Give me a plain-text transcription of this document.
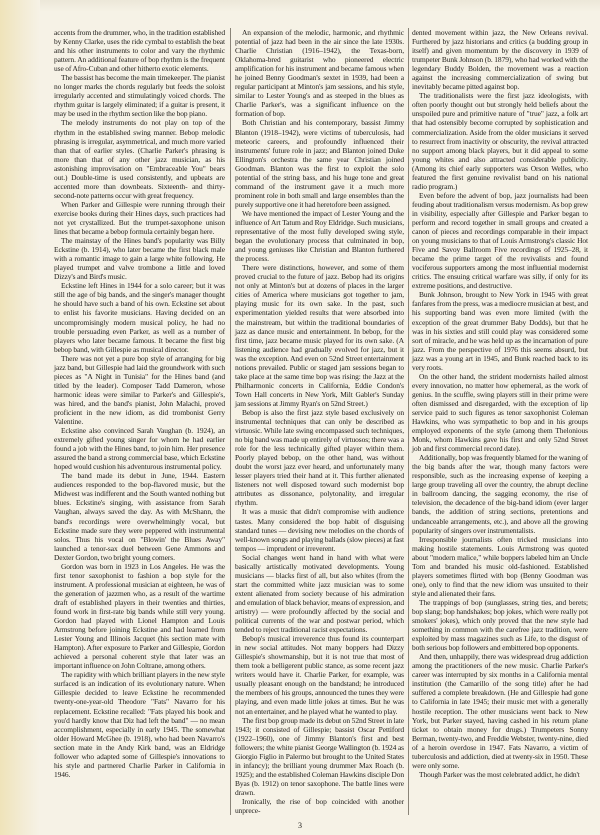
accents from the drummer, who, in the tradition established by Kenny Clarke, uses the ride cymbal to establish the beat and his other instruments to color and vary the rhythmic pattern. An additional feature of bop rhythm is the frequent use of Afro-Cuban and other hitherto exotic elements.

The bassist has become the main timekeeper. The pianist no longer marks the chords regularly but feeds the soloist irregularly accented and stimulatingly voiced chords. The rhythm guitar is largely eliminated; if a guitar is present, it may be used in the rhythm section like the bop piano.

The melody instruments do not play on top of the rhythm in the established swing manner. Bebop melodic phrasing is irregular, asymmetrical, and much more varied than that of earlier styles. (Charlie Parker's phrasing is more than that of any other jazz musician, as his astonishing improvisation on "Embraceable You" bears out.) Double-time is used consistently, and upbeats are accented more than downbeats. Sixteenth- and thirty-second-note patterns occur with great frequency.

When Parker and Gillespie were running through their exercise books during their Hines days, such practices had not yet crystallized. But the trumpet-saxophone unison lines that became a bebop formula certainly began here.

The mainstay of the Hines band's popularity was Billy Eckstine (b. 1914), who later became the first black male with a romantic image to gain a large white following. He played trumpet and valve trombone a little and loved Dizzy's and Bird's music.

Eckstine left Hines in 1944 for a solo career; but it was still the age of big bands, and the singer's manager thought he should have such a band of his own. Eckstine set about to enlist his favorite musicians. Having decided on an uncompromisingly modern musical policy, he had no trouble persuading even Parker, as well as a number of players who later became famous. It became the first big bebop band, with Gillespie as musical director.

There was not yet a pure bop style of arranging for big jazz band, but Gillespie had laid the groundwork with such pieces as "A Night in Tunisia" for the Hines band (and titled by the leader). Composer Tadd Dameron, whose harmonic ideas were similar to Parker's and Gillespie's, was hired, and the band's pianist, John Malachi, proved proficient in the new idiom, as did trombonist Gerry Valentine.

Eckstine also convinced Sarah Vaughan (b. 1924), an extremely gifted young singer for whom he had earlier found a job with the Hines band, to join him. Her presence assured the band a strong commercial base, which Eckstine hoped would cushion his adventurous instrumental policy.

The band made its debut in June, 1944. Eastern audiences responded to the bop-flavored music, but the Midwest was indifferent and the South wanted nothing but blues. Eckstine's singing, with assistance from Sarah Vaughan, always saved the day. As with McShann, the band's recordings were overwhelmingly vocal, but Eckstine made sure they were peppered with instrumental solos. Thus his vocal on "Blowin' the Blues Away" launched a tenor-sax duel between Gene Ammons and Dexter Gordon, two bright young comers.

Gordon was born in 1923 in Los Angeles. He was the first tenor saxophonist to fashion a bop style for the instrument. A professional musician at eighteen, he was of the generation of jazzmen who, as a result of the wartime draft of established players in their twenties and thirties, found work in first-rate big bands while still very young. Gordon had played with Lionel Hampton and Louis Armstrong before joining Eckstine and had learned from Lester Young and Illinois Jacquet (his section mate with Hampton). After exposure to Parker and Gillespie, Gordon achieved a personal coherent style that later was an important influence on John Coltrane, among others.

The rapidity with which brilliant players in the new style surfaced is an indication of its evolutionary nature. When Gillespie decided to leave Eckstine he recommended twenty-one-year-old Theodore "Fats" Navarro for his replacement. Eckstine recalled: "Fats played his book and you'd hardly know that Diz had left the band" — no mean accomplishment, especially in early 1945. The somewhat older Howard McGhee (b. 1918), who had been Navarro's section mate in the Andy Kirk band, was an Eldridge follower who adapted some of Gillespie's innovations to his style and partnered Charlie Parker in California in 1946.

An expansion of the melodic, harmonic, and rhythmic potential of jazz had been in the air since the late 1930s. Charlie Christian (1916–1942), the Texas-born, Oklahoma-bred guitarist who pioneered electric amplification for his instrument and became famous when he joined Benny Goodman's sextet in 1939, had been a regular participant at Minton's jam sessions, and his style, similar to Lester Young's and as steeped in the blues as Charlie Parker's, was a significant influence on the formation of bop.

Both Christian and his contemporary, bassist Jimmy Blanton (1918–1942), were victims of tuberculosis, had meteoric careers, and profoundly influenced their instruments' future role in jazz; and Blanton joined Duke Ellington's orchestra the same year Christian joined Goodman. Blanton was the first to exploit the solo potential of the string bass, and his huge tone and great command of the instrument gave it a much more prominent role in both small and large ensembles than the purely supportive one it had heretofore been assigned.

We have mentioned the impact of Lester Young and the influence of Art Tatum and Roy Eldridge. Such musicians, representative of the most fully developed swing style, began the evolutionary process that culminated in bop, and young geniuses like Christian and Blanton furthered the process.

There were distinctions, however, and some of them proved crucial to the future of jazz. Bebop had its origins not only at Minton's but at dozens of places in the larger cities of America where musicians got together to jam, playing music for its own sake. In the past, such experimentation yielded results that were absorbed into the mainstream, but within the traditional boundaries of jazz as dance music and entertainment. In bebop, for the first time, jazz became music played for its own sake. (A listening audience had gradually evolved for jazz, but it was the exception. And even on 52nd Street entertainment notions prevailed. Public or staged jam sessions began to take place at the same time bop was rising: the Jazz at the Philharmonic concerts in California, Eddie Condon's Town Hall concerts in New York, Milt Gabler's Sunday jam sessions at Jimmy Ryan's on 52nd Street.)

Bebop is also the first jazz style based exclusively on instrumental techniques that can only be described as virtuosic. While late swing encompassed such techniques, no big band was made up entirely of virtuosos; there was a role for the less technically gifted player within them. Poorly played bebop, on the other hand, was without doubt the worst jazz ever heard, and unfortunately many lesser players tried their hand at it. This further alienated listeners not well disposed toward such modernist bop attributes as dissonance, polytonality, and irregular rhythm.

It was a music that didn't compromise with audience tastes. Many considered the bop habit of disguising standard tunes — devising new melodies on the chords of well-known songs and playing ballads (slow pieces) at fast tempos — imprudent or irreverent.

Social changes went hand in hand with what were basically artistically motivated developments. Young musicians — blacks first of all, but also whites (from the start the committed white jazz musician was to some extent alienated from society because of his admiration and emulation of black behavior, means of expression, and artistry) — were profoundly affected by the social and political currents of the war and postwar period, which tended to reject traditional racist expectations.

Bebop's musical irreverence thus found its counterpart in new social attitudes. Not many boppers had Dizzy Gillespie's showmanship, but it is not true that most of them took a belligerent public stance, as some recent jazz writers would have it. Charlie Parker, for example, was usually pleasant enough on the bandstand; he introduced the members of his groups, announced the tunes they were playing, and even made little jokes at times. But he was not an entertainer, and he played what he wanted to play.

The first bop group made its debut on 52nd Street in late 1943; it consisted of Gillespie; bassist Oscar Pettiford (1922–1960), one of Jimmy Blanton's first and best followers; the white pianist George Wallington (b. 1924 as Giorgio Figlio in Palermo but brought to the United States in infancy); the brilliant young drummer Max Roach (b. 1925); and the established Coleman Hawkins disciple Don Byas (b. 1912) on tenor saxophone. The battle lines were drawn.

Ironically, the rise of bop coincided with another unprece-

dented movement within jazz, the New Orleans revival. Furthered by jazz historians and critics (a budding group in itself) and given momentum by the discovery in 1939 of trumpeter Bunk Johnson (b. 1879), who had worked with the legendary Buddy Bolden, the movement was a reaction against the increasing commercialization of swing but inevitably became pitted against bop.

The traditionalists were the first jazz ideologists, with often poorly thought out but strongly held beliefs about the unspoiled pure and primitive nature of "true" jazz, a folk art that had ostensibly become corrupted by sophistication and commercialization. Aside from the older musicians it served to resurrect from inactivity or obscurity, the revival attracted no support among black players, but it did appeal to some young whites and also attracted considerable publicity. (Among its chief early supporters was Orson Welles, who featured the first genuine revivalist band on his national radio program.)

Even before the advent of bop, jazz journalists had been feuding about traditionalism versus modernism. As bop grew in visibility, especially after Gillespie and Parker began to perform and record together in small groups and created a canon of pieces and recordings comparable in their impact on young musicians to that of Louis Armstrong's classic Hot Five and Savoy Ballroom Five recordings of 1925–28, it became the prime target of the revivalists and found vociferous supporters among the most influential modernist critics. The ensuing critical warfare was silly, if only for its extreme positions, and destructive.

Bunk Johnson, brought to New York in 1945 with great fanfares from the press, was a mediocre musician at best, and his supporting band was even more limited (with the exception of the great drummer Baby Dodds), but that he was in his sixties and still could play was considered some sort of miracle, and he was held up as the incarnation of pure jazz. From the perspective of 1976 this seems absurd, but jazz was a young art in 1945, and Bunk reached back to its very roots.

On the other hand, the strident modernists hailed almost every innovation, no matter how ephemeral, as the work of genius. In the scuffle, swing players still in their prime were often dismissed and disregarded, with the exception of lip service paid to such figures as tenor saxophonist Coleman Hawkins, who was sympathetic to bop and in his groups employed exponents of the style (among them Thelonious Monk, whom Hawkins gave his first and only 52nd Street job and first commercial record date).

Additionally, bop was frequently blamed for the waning of the big bands after the war, though many factors were responsible, such as the increasing expense of keeping a large group traveling all over the country, the abrupt decline in ballroom dancing, the sagging economy, the rise of television, the decadence of the big-band idiom (ever larger bands, the addition of string sections, pretentions and undanceable arrangements, etc.), and above all the growing popularity of singers over instrumentalists.

Irresponsible journalists often tricked musicians into making hostile statements. Louis Armstrong was quoted about "modern malice," while boppers labeled him an Uncle Tom and branded his music old-fashioned. Established players sometimes flirted with bop (Benny Goodman was one), only to find that the new idiom was unsuited to their style and alienated their fans.

The trappings of bop (sunglasses, string ties, and berets; bop slang; bop handshakes; bop jokes, which were really pot smokers' jokes), which only proved that the new style had something in common with the carefree jazz tradition, were exploited by mass magazines such as Life, to the disgust of both serious bop followers and embittered bop opponents.

And then, unhappily, there was widespread drug addiction among the practitioners of the new music. Charlie Parker's career was interrupted by six months in a California mental institution (the Camarillo of the song title) after he had suffered a complete breakdown. (He and Gillespie had gone to California in late 1945; their music met with a generally hostile reception. The other musicians went back to New York, but Parker stayed, having cashed in his return plane ticket to obtain money for drugs.) Trumpeters Sonny Berman, twenty-two, and Freddie Webster, twenty-nine, died of a heroin overdose in 1947. Fats Navarro, a victim of tuberculosis and addiction, died at twenty-six in 1950. These were only some.

Though Parker was the most celebrated addict, he didn't

3
